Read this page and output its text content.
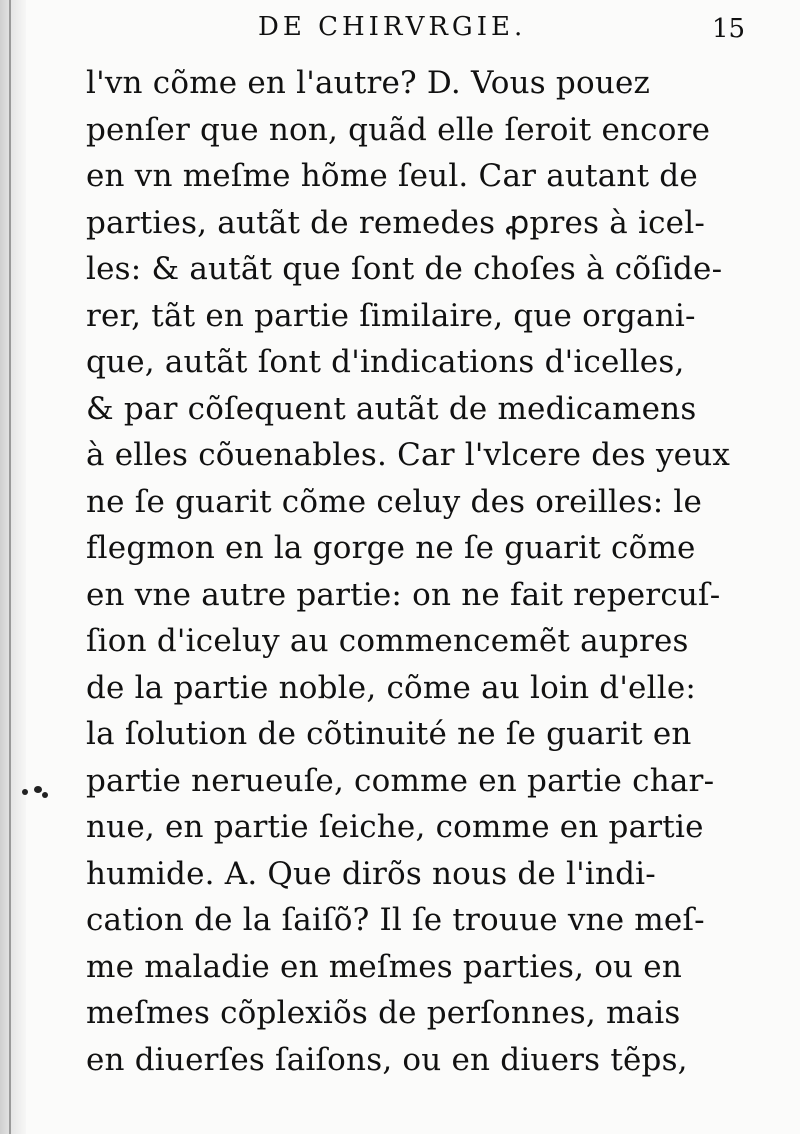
DE CHIRVRGIE.	15
l'vn cõme en l'autre? D. Vous pouez
penſer que non, quãd elle ſeroit encore
en vn meſme hõme ſeul. Car autant de
parties, autãt de remedes ꝓpres à icel-
les: & autãt que ſont de choſes à cõſide-
rer, tãt en partie ſimilaire, que organi-
que, autãt ſont d'indications d'icelles,
& par cõſequent autãt de medicamens
à elles cõuenables. Car l'vlcere des yeux
ne ſe guarit cõme celuy des oreilles: le
flegmon en la gorge ne ſe guarit cõme
en vne autre partie: on ne fait repercuſ-
ſion d'iceluy au commencemẽt aupres
de la partie noble, cõme au loin d'elle:
la ſolution de cõtinuité ne ſe guarit en
partie nerueuſe, comme en partie char-
nue, en partie ſeiche, comme en partie
humide. A. Que dirõs nous de l'indi-
cation de la ſaiſõ? Il ſe trouue vne meſ-
me maladie en meſmes parties, ou en
meſmes cõplexiõs de perſonnes, mais
en diuerſes ſaiſons, ou en diuers tẽps,
